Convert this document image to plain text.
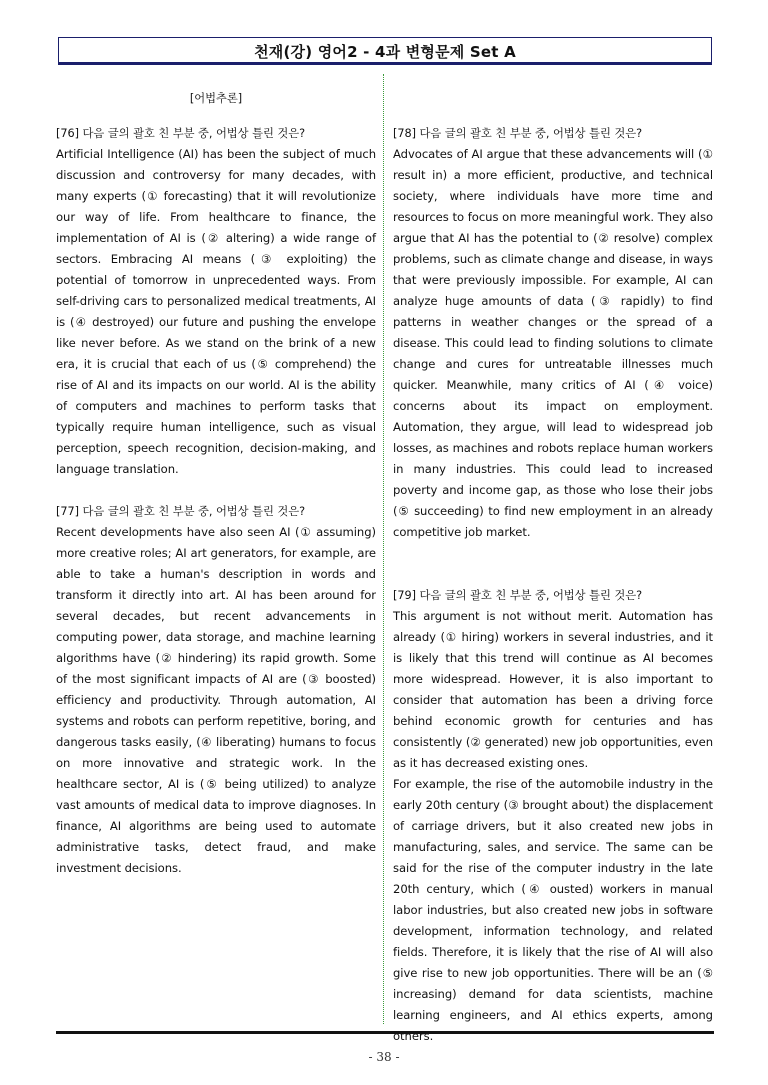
천재(강) 영어2 - 4과 변형문제 Set A
[어법추론]

[76] 다음 글의 괄호 친 부분 중, 어법상 틀린 것은?

Artificial Intelligence (AI) has been the subject of much discussion and controversy for many decades, with many experts (① forecasting) that it will revolutionize our way of life. From healthcare to finance, the implementation of AI is (② altering) a wide range of sectors. Embracing AI means (③ exploiting) the potential of tomorrow in unprecedented ways. From self-driving cars to personalized medical treatments, AI is (④ destroyed) our future and pushing the envelope like never before. As we stand on the brink of a new era, it is crucial that each of us (⑤ comprehend) the rise of AI and its impacts on our world. AI is the ability of computers and machines to perform tasks that typically require human intelligence, such as visual perception, speech recognition, decision-making, and language translation.

[77] 다음 글의 괄호 친 부분 중, 어법상 틀린 것은?

Recent developments have also seen AI (① assuming) more creative roles; AI art generators, for example, are able to take a human's description in words and transform it directly into art. AI has been around for several decades, but recent advancements in computing power, data storage, and machine learning algorithms have (② hindering) its rapid growth. Some of the most significant impacts of AI are (③ boosted) efficiency and productivity. Through automation, AI systems and robots can perform repetitive, boring, and dangerous tasks easily, (④ liberating) humans to focus on more innovative and strategic work. In the healthcare sector, AI is (⑤ being utilized) to analyze vast amounts of medical data to improve diagnoses. In finance, AI algorithms are being used to automate administrative tasks, detect fraud, and make investment decisions.

[78] 다음 글의 괄호 친 부분 중, 어법상 틀린 것은?

Advocates of AI argue that these advancements will (① result in) a more efficient, productive, and technical society, where individuals have more time and resources to focus on more meaningful work. They also argue that AI has the potential to (② resolve) complex problems, such as climate change and disease, in ways that were previously impossible. For example, AI can analyze huge amounts of data (③ rapidly) to find patterns in weather changes or the spread of a disease. This could lead to finding solutions to climate change and cures for untreatable illnesses much quicker. Meanwhile, many critics of AI (④ voice) concerns about its impact on employment. Automation, they argue, will lead to widespread job losses, as machines and robots replace human workers in many industries. This could lead to increased poverty and income gap, as those who lose their jobs (⑤ succeeding) to find new employment in an already competitive job market.

[79] 다음 글의 괄호 친 부분 중, 어법상 틀린 것은?

This argument is not without merit. Automation has already (① hiring) workers in several industries, and it is likely that this trend will continue as AI becomes more widespread. However, it is also important to consider that automation has been a driving force behind economic growth for centuries and has consistently (② generated) new job opportunities, even as it has decreased existing ones.

For example, the rise of the automobile industry in the early 20th century (③ brought about) the displacement of carriage drivers, but it also created new jobs in manufacturing, sales, and service. The same can be said for the rise of the computer industry in the late 20th century, which (④ ousted) workers in manual labor industries, but also created new jobs in software development, information technology, and related fields. Therefore, it is likely that the rise of AI will also give rise to new job opportunities. There will be an (⑤ increasing) demand for data scientists, machine learning engineers, and AI ethics experts, among others.

- 38 -
